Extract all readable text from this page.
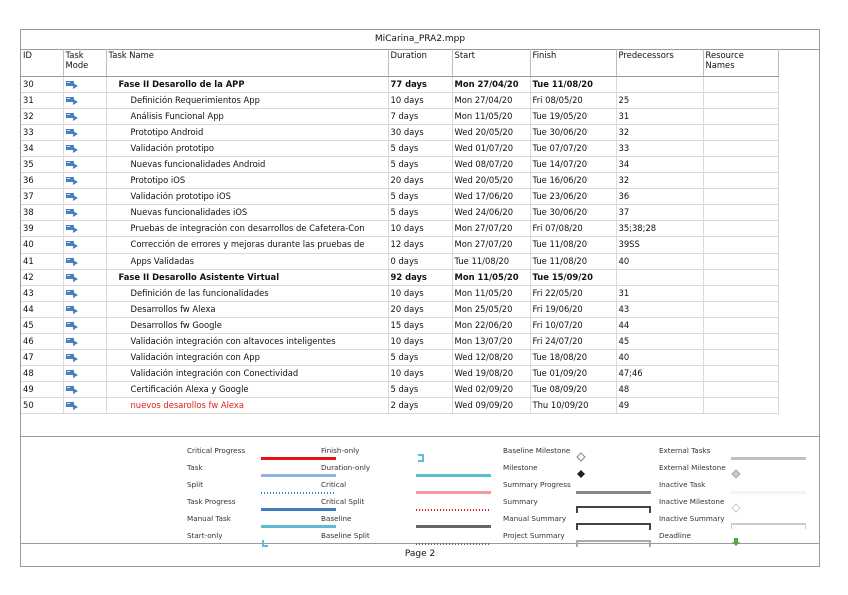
MiCarina_PRA2.mpp
ID	Task Mode	Task Name	Duration	Start	Finish	Predecessors	Resource Names
30		Fase II Desarollo de la APP	77 days	Mon 27/04/20	Tue 11/08/20		
31		Definición Requerimientos App	10 days	Mon 27/04/20	Fri 08/05/20	25	
32		Análisis Funcional App	7 days	Mon 11/05/20	Tue 19/05/20	31	
33		Prototipo Android	30 days	Wed 20/05/20	Tue 30/06/20	32	
34		Validación prototipo	5 days	Wed 01/07/20	Tue 07/07/20	33	
35		Nuevas funcionalidades Android	5 days	Wed 08/07/20	Tue 14/07/20	34	
36		Prototipo iOS	20 days	Wed 20/05/20	Tue 16/06/20	32	
37		Validación prototipo iOS	5 days	Wed 17/06/20	Tue 23/06/20	36	
38		Nuevas funcionalidades iOS	5 days	Wed 24/06/20	Tue 30/06/20	37	
39		Pruebas de integración con desarrollos de Cafetera-Con	10 days	Mon 27/07/20	Fri 07/08/20	35;38;28	
40		Corrección de errores y mejoras durante las pruebas de	12 days	Mon 27/07/20	Tue 11/08/20	39SS	
41		Apps Validadas	0 days	Tue 11/08/20	Tue 11/08/20	40	
42		Fase II Desarollo Asistente Virtual	92 days	Mon 11/05/20	Tue 15/09/20		
43		Definición de las funcionalidades	10 days	Mon 11/05/20	Fri 22/05/20	31	
44		Desarrollos fw Alexa	20 days	Mon 25/05/20	Fri 19/06/20	43	
45		Desarrollos fw Google	15 days	Mon 22/06/20	Fri 10/07/20	44	
46		Validación integración con altavoces inteligentes	10 days	Mon 13/07/20	Fri 24/07/20	45	
47		Validación integración con App	5 days	Wed 12/08/20	Tue 18/08/20	40	
48		Validación integración con Conectividad	10 days	Wed 19/08/20	Tue 01/09/20	47;46	
49		Certificación Alexa y Google	5 days	Wed 02/09/20	Tue 08/09/20	48	
50		nuevos desarollos fw Alexa	2 days	Wed 09/09/20	Thu 10/09/20	49	
Critical Progress
Task
Split
Task Progress
Manual Task
Start-only
Finish-only
Duration-only
Critical
Critical Split
Baseline
Baseline Split
Baseline Milestone
Milestone
Summary Progress
Summary
Manual Summary
Project Summary
External Tasks
External Milestone
Inactive Task
Inactive Milestone
Inactive Summary
Deadline
Page 2
